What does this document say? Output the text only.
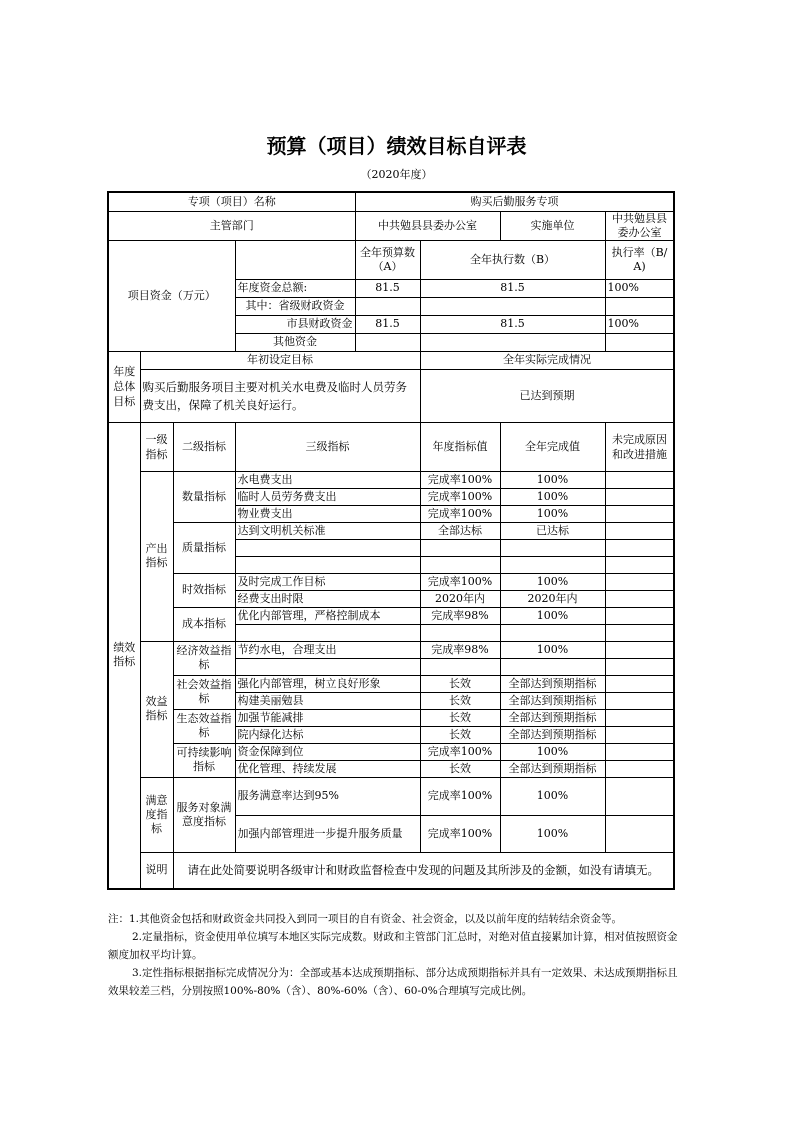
预算（项目）绩效目标自评表
（2020年度）
专项（项目）名称				购买后勤服务专项			
主管部门				中共勉县县委办公室		实施单位	中共勉县县委办公室
项目资金（万元）				全年预算数（A）	全年执行数（B）		执行率（B/A)
			年度资金总额:	81.5	81.5		100%
			其中：省级财政资金				
			市县财政资金	81.5	81.5		100%
			其他资金				
年度总体目标	年初设定目标				全年实际完成情况		
	购买后勤服务项目主要对机关水电费及临时人员劳务费支出，保障了机关良好运行。				已达到预期		
绩效指标	一级指标	二级指标	三级指标		年度指标值	全年完成值	未完成原因和改进措施
	产出指标	数量指标	水电费支出		完成率100%	100%	
			临时人员劳务费支出		完成率100%	100%	
			物业费支出		完成率100%	100%	
		质量指标	达到文明机关标准		全部达标	已达标	

		时效指标	及时完成工作目标		完成率100%	100%	
			经费支出时限		2020年内	2020年内	
		成本指标	优化内部管理，严格控制成本		完成率98%	100%	

	效益指标	经济效益指标	节约水电，合理支出		完成率98%	100%	

		社会效益指标	强化内部管理，树立良好形象		长效	全部达到预期指标	
			构建美丽勉县		长效	全部达到预期指标	
		生态效益指标	加强节能减排		长效	全部达到预期指标	
			院内绿化达标		长效	全部达到预期指标	
		可持续影响指标	资金保障到位		完成率100%	100%	
			优化管理、持续发展		长效	全部达到预期指标	
	满意度指标	服务对象满意度指标	服务满意率达到95%		完成率100%	100%	
			加强内部管理进一步提升服务质量		完成率100%	100%	
	说明	请在此处简要说明各级审计和财政监督检查中发现的问题及其所涉及的金额，如没有请填无。					

注：1.其他资金包括和财政资金共同投入到同一项目的自有资金、社会资金，以及以前年度的结转结余资金等。

2.定量指标，资金使用单位填写本地区实际完成数。财政和主管部门汇总时，对绝对值直接累加计算，相对值按照资金额度加权平均计算。

3.定性指标根据指标完成情况分为：全部或基本达成预期指标、部分达成预期指标并具有一定效果、未达成预期指标且效果较差三档，分别按照100%-80%（含）、80%-60%（含）、60-0%合理填写完成比例。
